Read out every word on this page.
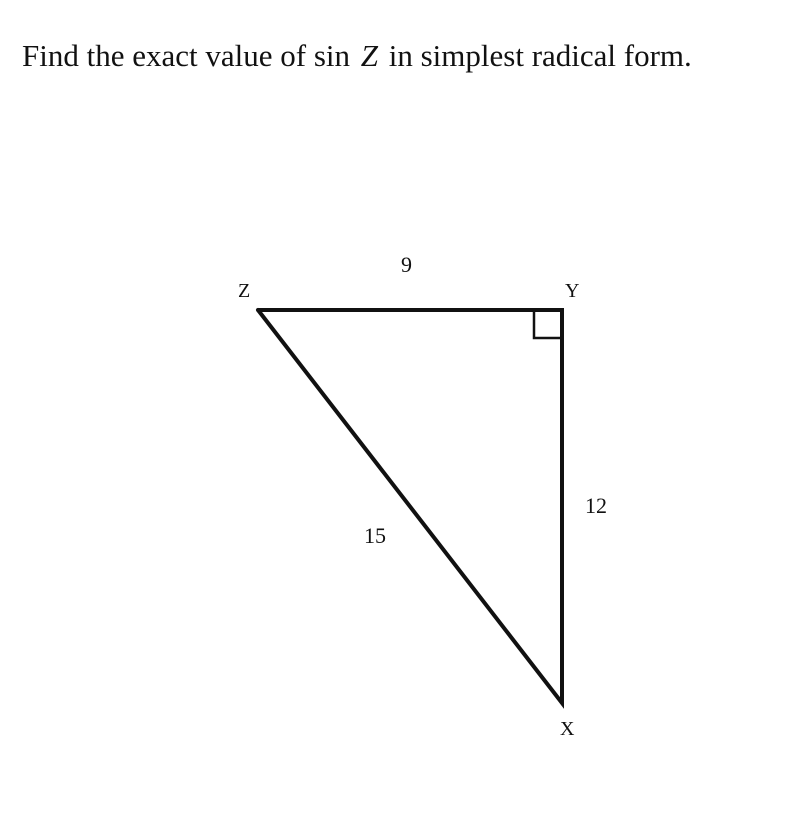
Find the exact value of sin Z in simplest radical form.
Z	Y
X
9
12
15
